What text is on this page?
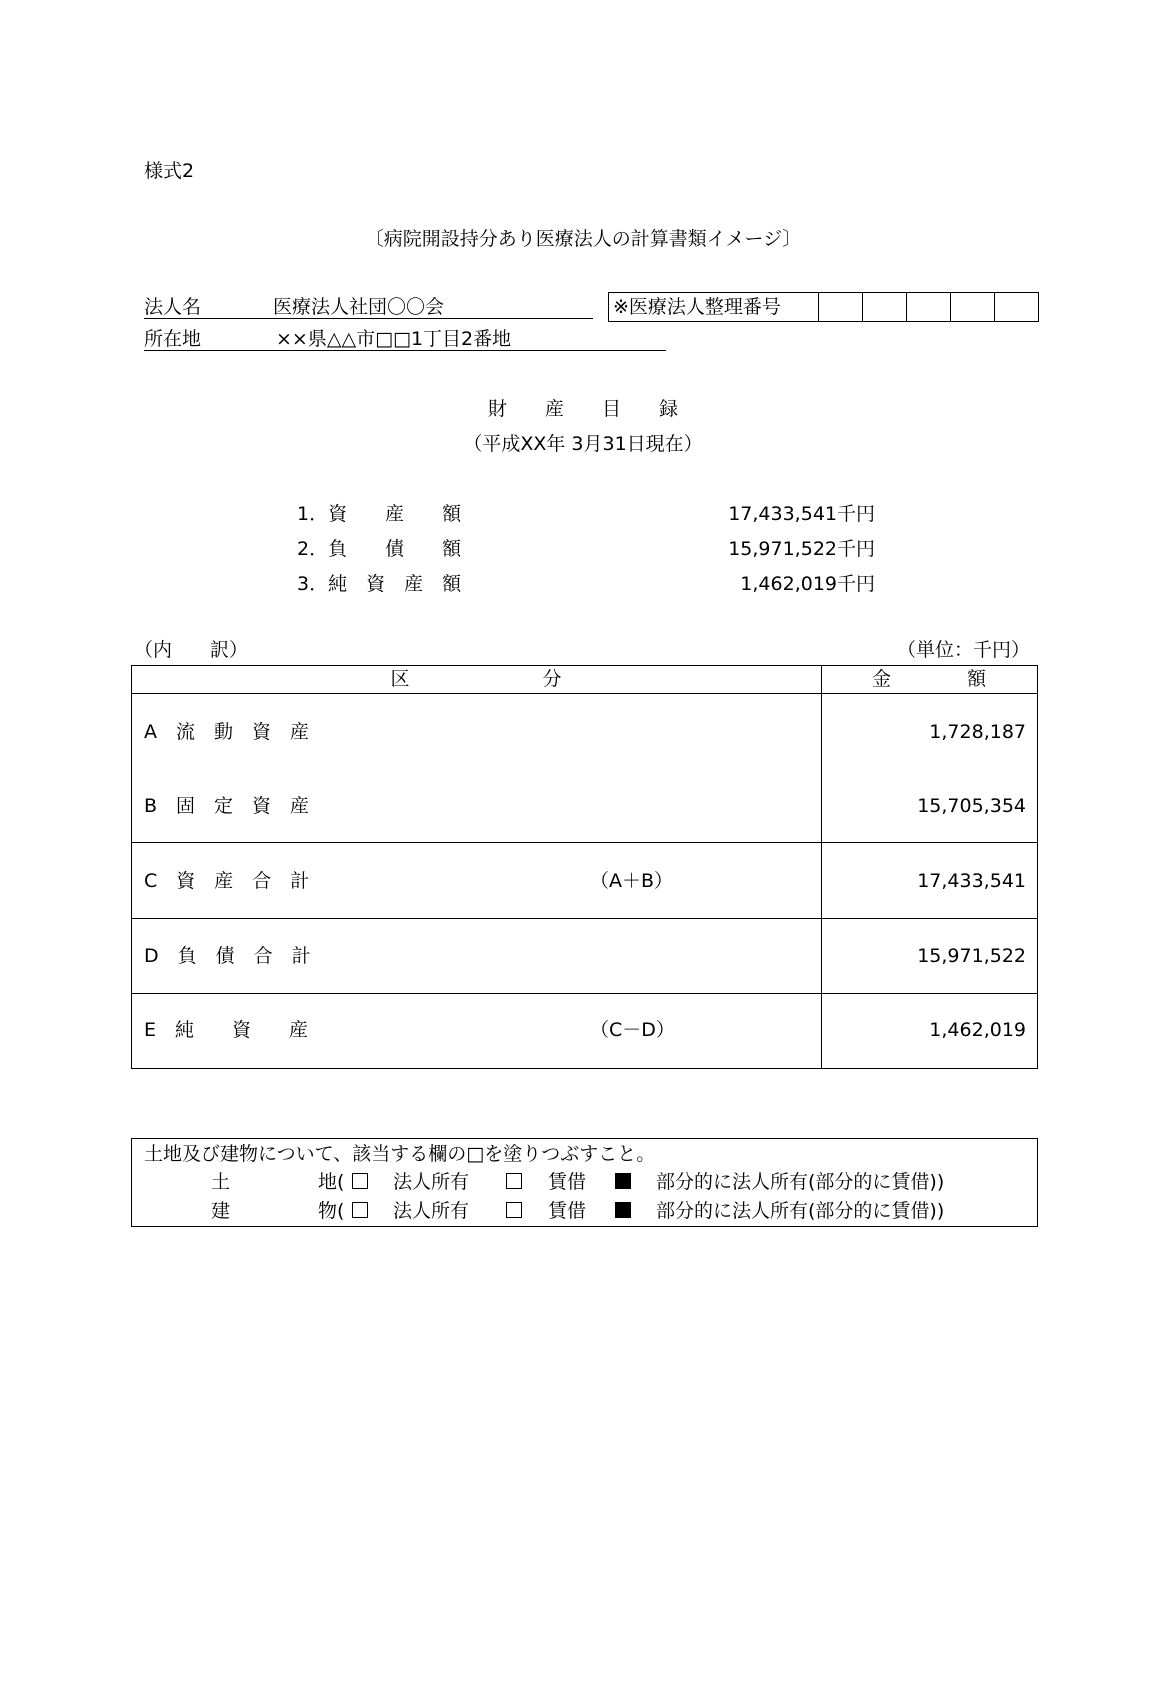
様式2
〔病院開設持分あり医療法人の計算書類イメージ〕
法人名	医療法人社団〇〇会	※医療法人整理番号
所在地	××県△△市□□1丁目2番地
財　　産　　目　　録
（平成XX年 3月31日現在）
1．資　　産　　額	17,433,541千円
2．負　　債　　額	15,971,522千円
3．純　資　産　額	1,462,019千円
（内　　訳）	（単位：千円）
区　　　　　　　分	金　　　　額
A　流　動　資　産	1,728,187
B　固　定　資　産	15,705,354
C　資　産　合　計	（A＋B）	17,433,541
D　負　債　合　計	15,971,522
E　純　　資　　産	（C－D）	1,462,019
土地及び建物について、該当する欄の□を塗りつぶすこと。
土	地(	法人所有	賃借	部分的に法人所有(部分的に賃借))
建	物(	法人所有	賃借	部分的に法人所有(部分的に賃借))
